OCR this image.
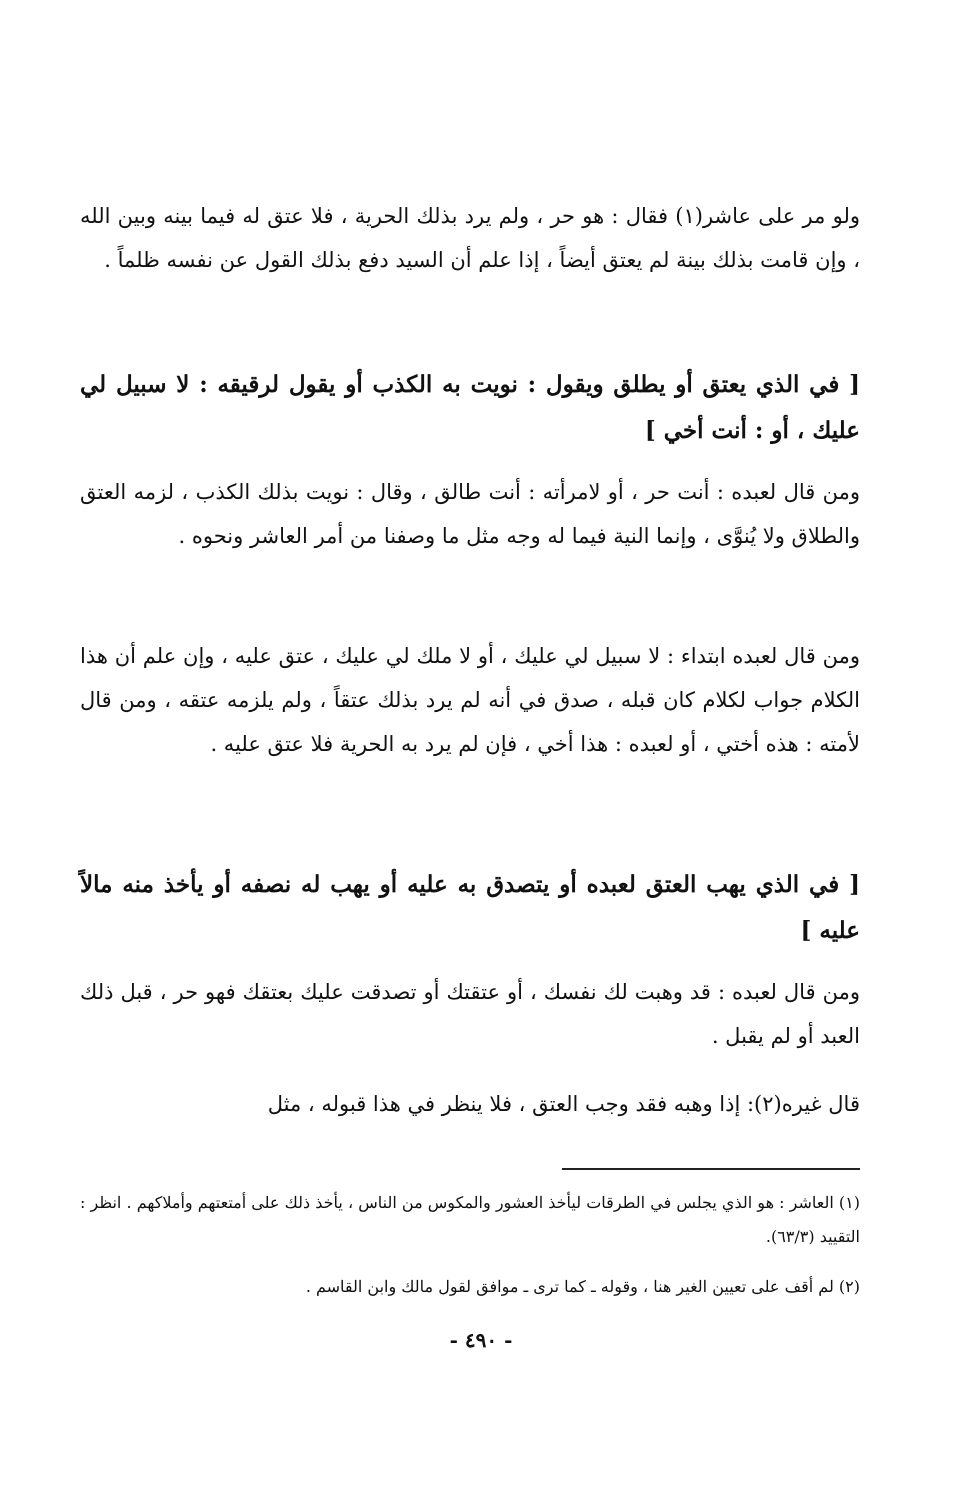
ولو مر على عاشر(١) فقال : هو حر ، ولم يرد بذلك الحرية ، فلا عتق له فيما بينه وبين الله ، وإن قامت بذلك بينة لم يعتق أيضاً ، إذا علم أن السيد دفع بذلك القول عن نفسه ظلماً .

[ في الذي يعتق أو يطلق ويقول : نويت به الكذب أو يقول لرقيقه : لا سبيل لي عليك ، أو : أنت أخي ]

ومن قال لعبده : أنت حر ، أو لامرأته : أنت طالق ، وقال : نويت بذلك الكذب ، لزمه العتق والطلاق ولا يُنوَّى ، وإنما النية فيما له وجه مثل ما وصفنا من أمر العاشر ونحوه .

ومن قال لعبده ابتداء : لا سبيل لي عليك ، أو لا ملك لي عليك ، عتق عليه ، وإن علم أن هذا الكلام جواب لكلام كان قبله ، صدق في أنه لم يرد بذلك عتقاً ، ولم يلزمه عتقه ، ومن قال لأمته : هذه أختي ، أو لعبده : هذا أخي ، فإن لم يرد به الحرية فلا عتق عليه .

[ في الذي يهب العتق لعبده أو يتصدق به عليه أو يهب له نصفه أو يأخذ منه مالاً عليه ]

ومن قال لعبده : قد وهبت لك نفسك ، أو عتقتك أو تصدقت عليك بعتقك فهو حر ، قبل ذلك العبد أو لم يقبل .

قال غيره(٢): إذا وهبه فقد وجب العتق ، فلا ينظر في هذا قبوله ، مثل

(١) العاشر : هو الذي يجلس في الطرقات ليأخذ العشور والمكوس من الناس ، يأخذ ذلك على أمتعتهم وأملاكهم . انظر : التقييد (٦٣/٣).

(٢) لم أقف على تعيين الغير هنا ، وقوله ـ كما ترى ـ موافق لقول مالك وابن القاسم .

- ٤٩٠ -
